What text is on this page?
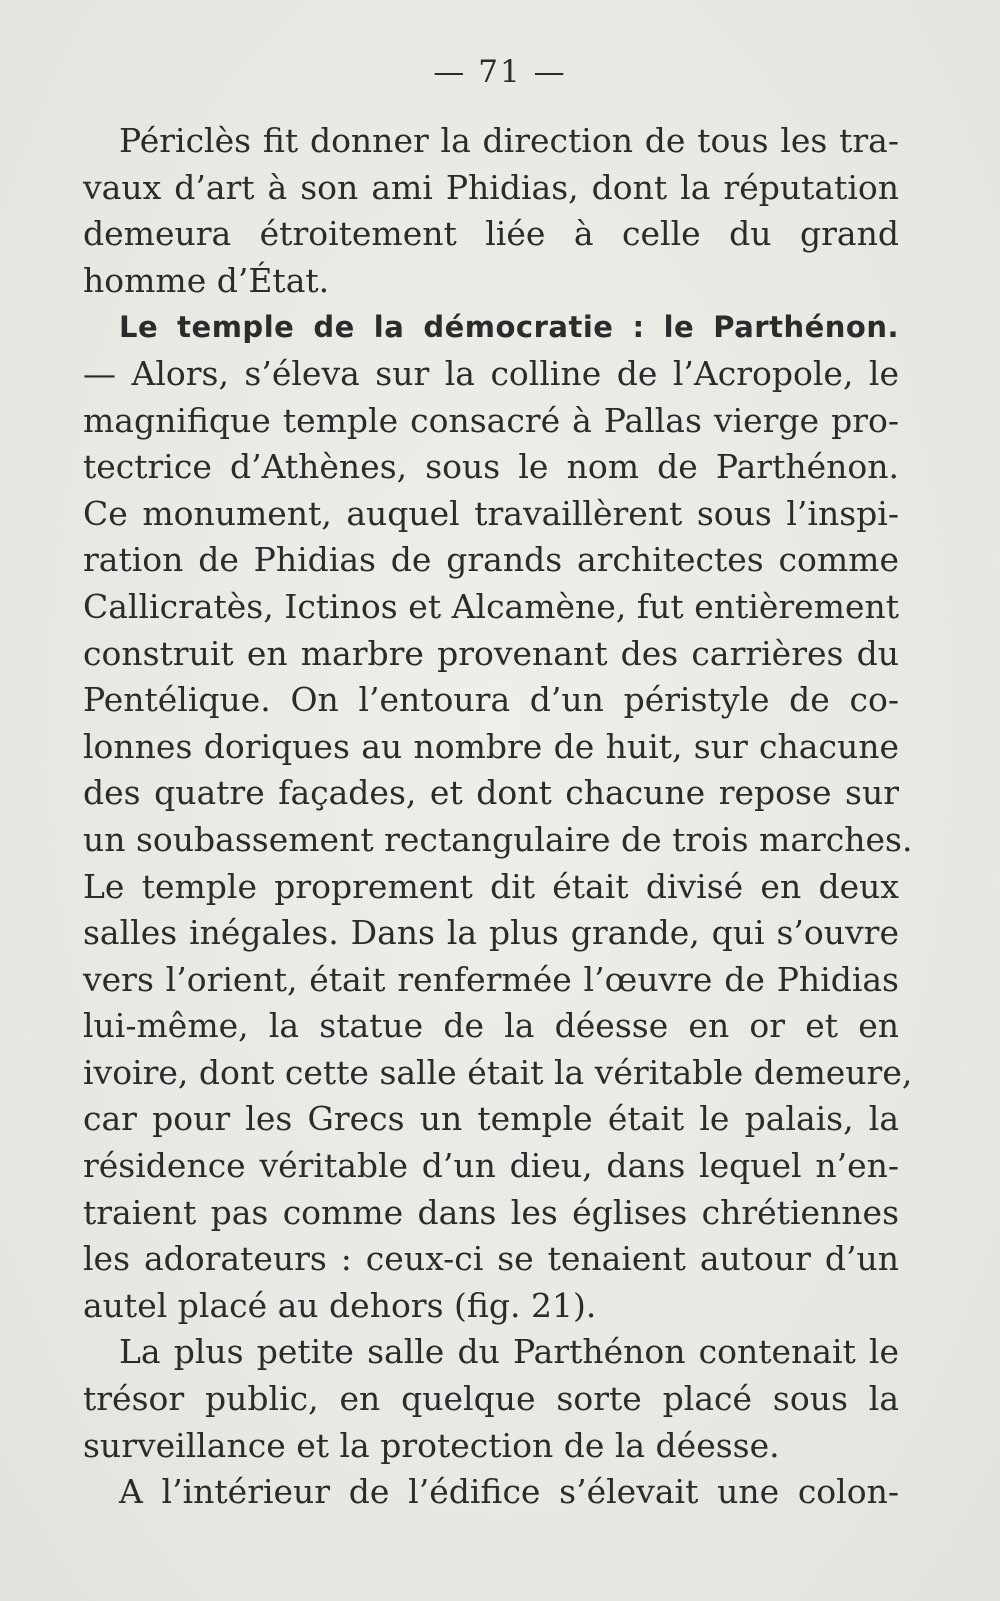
— 71 —
Périclès fit donner la direction de tous les tra-
vaux d’art à son ami Phidias, dont la réputation
demeura étroitement liée à celle du grand
homme d’État.
Le temple de la démocratie : le Parthénon.
— Alors, s’éleva sur la colline de l’Acropole, le
magnifique temple consacré à Pallas vierge pro-
tectrice d’Athènes, sous le nom de Parthénon.
Ce monument, auquel travaillèrent sous l’inspi-
ration de Phidias de grands architectes comme
Callicratès, Ictinos et Alcamène, fut entièrement
construit en marbre provenant des carrières du
Pentélique. On l’entoura d’un péristyle de co-
lonnes doriques au nombre de huit, sur chacune
des quatre façades, et dont chacune repose sur
un soubassement rectangulaire de trois marches.
Le temple proprement dit était divisé en deux
salles inégales. Dans la plus grande, qui s’ouvre
vers l’orient, était renfermée l’œuvre de Phidias
lui-même, la statue de la déesse en or et en
ivoire, dont cette salle était la véritable demeure,
car pour les Grecs un temple était le palais, la
résidence véritable d’un dieu, dans lequel n’en-
traient pas comme dans les églises chrétiennes
les adorateurs : ceux-ci se tenaient autour d’un
autel placé au dehors (fig. 21).
La plus petite salle du Parthénon contenait le
trésor public, en quelque sorte placé sous la
surveillance et la protection de la déesse.
A l’intérieur de l’édifice s’élevait une colon-
